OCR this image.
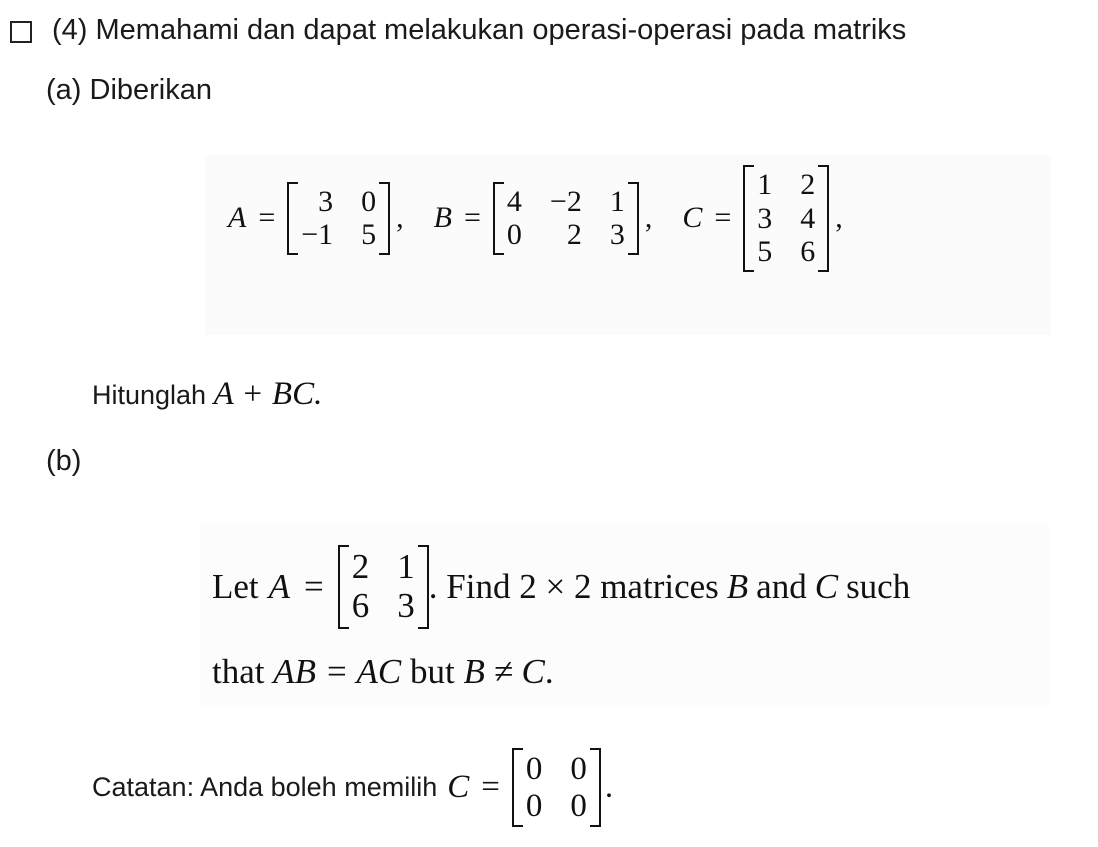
(4) Memahami dan dapat melakukan operasi-operasi pada matriks
(a) Diberikan
A = 3 0
−1 5
, B = 4 −2 1
0 2 3
, C =
1 2
3 4
5 6
,
Hitunglah A + BC.
(b)
Let A =
2 1
6 3 . Find 2 × 2 matrices B and C such
that AB = AC but B ≠ C.
Catatan: Anda boleh memilih C =
0 0
0 0
.
